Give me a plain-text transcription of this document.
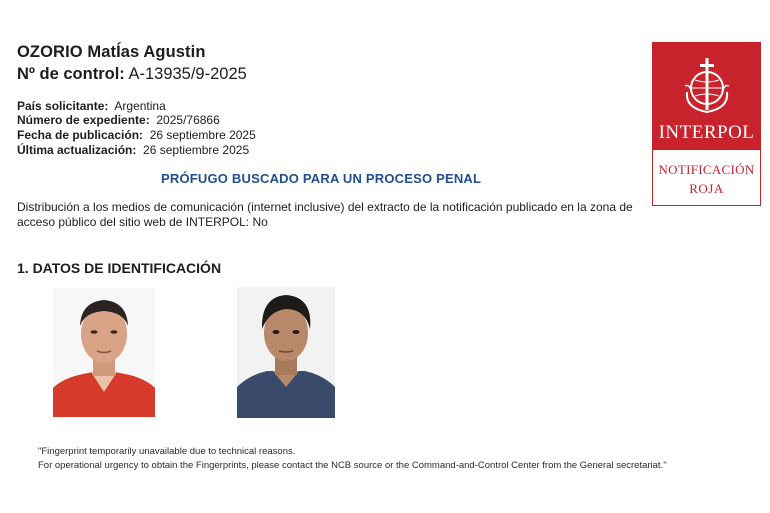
OZORIO MatÍas Agustin
Nº de control: A-13935/9-2025
País solicitante: Argentina
Número de expediente: 2025/76866
Fecha de publicación: 26 septiembre 2025
Última actualización: 26 septiembre 2025
PRÓFUGO BUSCADO PARA UN PROCESO PENAL
Distribución a los medios de comunicación (internet inclusive) del extracto de la notificación publicado en la zona de
acceso público del sitio web de INTERPOL: No
1. DATOS DE IDENTIFICACIÓN
"Fingerprint temporarily unavailable due to technical reasons.
For operational urgency to obtain the Fingerprints, please contact the NCB source or the Command-and-Control Center from the General secretariat."
INTERPOL
NOTIFICACIÓN
ROJA
